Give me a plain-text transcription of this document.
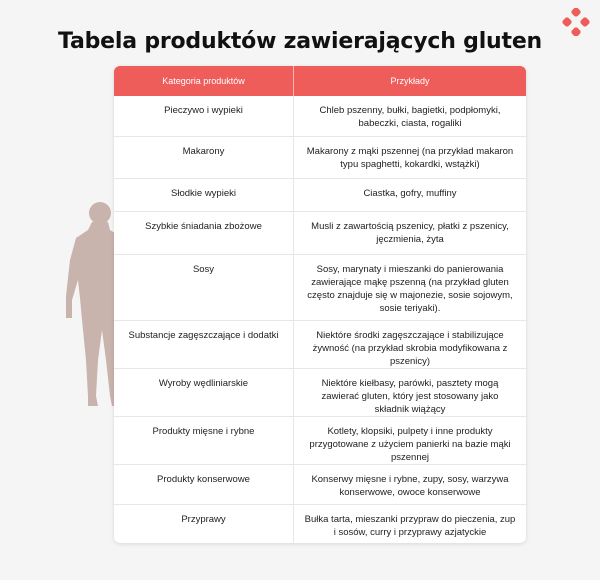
Tabela produktów zawierających gluten
Kategoria produktów	Przykłady
Pieczywo i wypieki	Chleb pszenny, bułki, bagietki, podpłomyki, babeczki, ciasta, rogaliki
Makarony	Makarony z mąki pszennej (na przykład makaron typu spaghetti, kokardki, wstążki)
Słodkie wypieki	Ciastka, gofry, muffiny
Szybkie śniadania zbożowe	Musli z zawartością pszenicy, płatki z pszenicy, jęczmienia, żyta
Sosy	Sosy, marynaty i mieszanki do panierowania zawierające mąkę pszenną (na przykład gluten często znajduje się w majonezie, sosie sojowym, sosie teriyaki).
Substancje zagęszczające i dodatki	Niektóre środki zagęszczające i stabilizujące żywność (na przykład skrobia modyfikowana z pszenicy)
Wyroby wędliniarskie	Niektóre kiełbasy, parówki, pasztety mogą zawierać gluten, który jest stosowany jako składnik wiążący
Produkty mięsne i rybne	Kotlety, klopsiki, pulpety i inne produkty przygotowane z użyciem panierki na bazie mąki pszennej
Produkty konserwowe	Konserwy mięsne i rybne, zupy, sosy, warzywa konserwowe, owoce konserwowe
Przyprawy	Bułka tarta, mieszanki przypraw do pieczenia, zup i sosów, curry i przyprawy azjatyckie
